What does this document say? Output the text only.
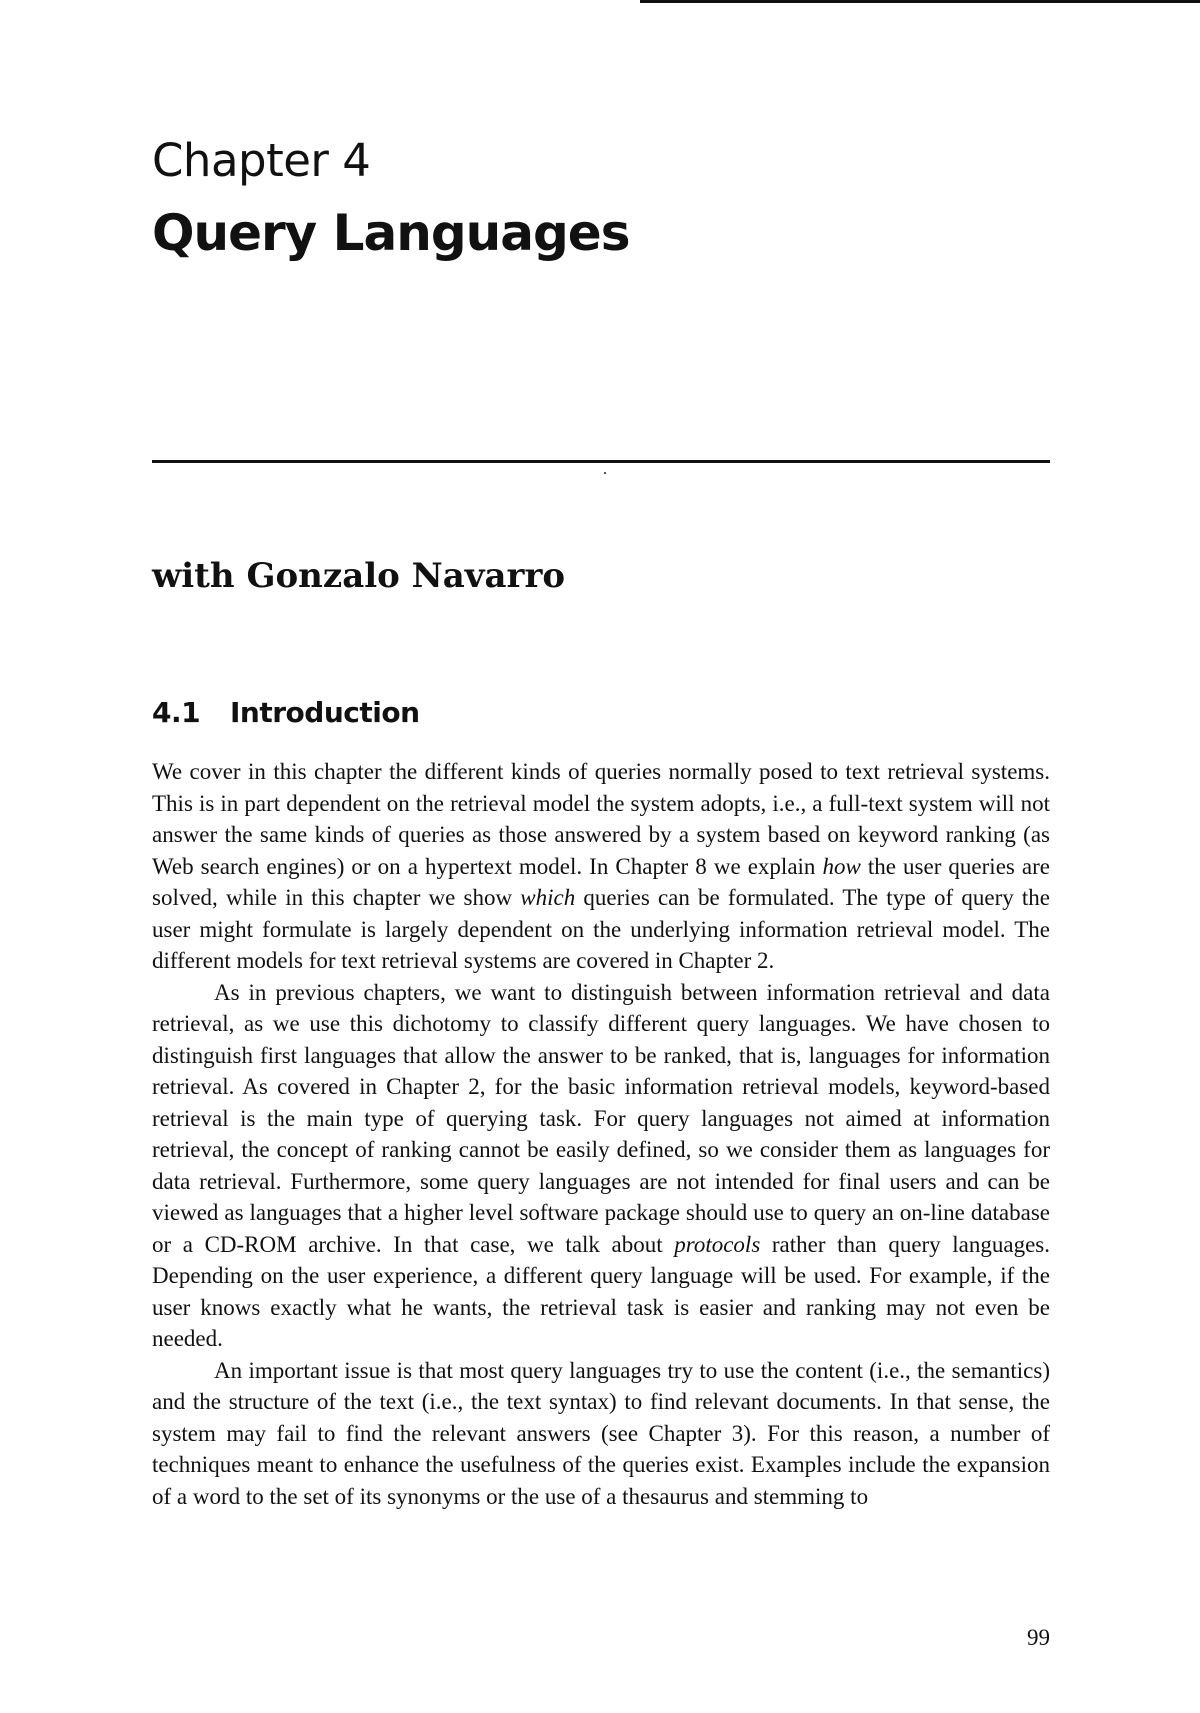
Chapter 4
Query Languages
with Gonzalo Navarro
4.1 Introduction

We cover in this chapter the different kinds of queries normally posed to text retrieval systems. This is in part dependent on the retrieval model the system adopts, i.e., a full-text system will not answer the same kinds of queries as those answered by a system based on keyword ranking (as Web search engines) or on a hypertext model. In Chapter 8 we explain how the user queries are solved, while in this chapter we show which queries can be formulated. The type of query the user might formulate is largely dependent on the underlying information retrieval model. The different models for text retrieval systems are covered in Chapter 2.

As in previous chapters, we want to distinguish between information retrieval and data retrieval, as we use this dichotomy to classify different query languages. We have chosen to distinguish first languages that allow the answer to be ranked, that is, languages for information retrieval. As covered in Chapter 2, for the basic information retrieval models, keyword-based retrieval is the main type of querying task. For query languages not aimed at information retrieval, the concept of ranking cannot be easily defined, so we consider them as languages for data retrieval. Furthermore, some query languages are not intended for final users and can be viewed as languages that a higher level software package should use to query an on-line database or a CD-ROM archive. In that case, we talk about protocols rather than query languages. Depending on the user experience, a different query language will be used. For example, if the user knows exactly what he wants, the retrieval task is easier and ranking may not even be needed.

An important issue is that most query languages try to use the content (i.e., the semantics) and the structure of the text (i.e., the text syntax) to find relevant documents. In that sense, the system may fail to find the relevant answers (see Chapter 3). For this reason, a number of techniques meant to enhance the usefulness of the queries exist. Examples include the expansion of a word to the set of its synonyms or the use of a thesaurus and stemming to

99
